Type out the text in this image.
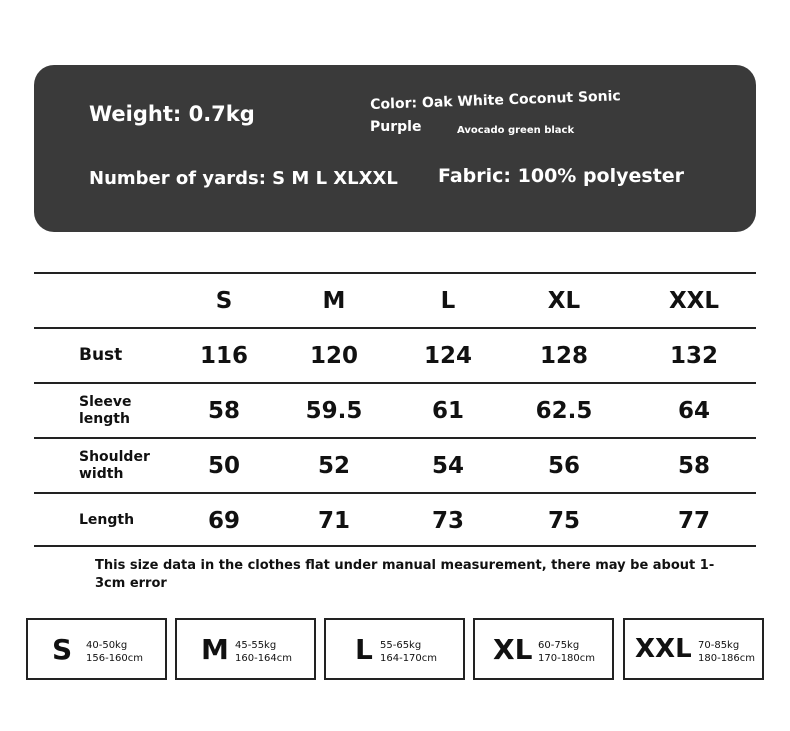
Weight: 0.7kg
Color: Oak White Coconut Sonic
Purple	Avocado green black
Number of yards: S M L XLXXL Fabric: 100% polyester
S	M	L	XL	XXL
Bust	116	120	124	128	132
Sleeve length	58	59.5	61	62.5	64
Shoulder width	50	52	54	56	58
Length	69	71	73	75	77
This size data in the clothes flat under manual measurement, there may be about 1-3cm error
S 40-50kg
156-160cm M 45-55kg
160-164cm L 55-65kg
164-170cm XL 60-75kg
170-180cm XXL 70-85kg
180-186cm
